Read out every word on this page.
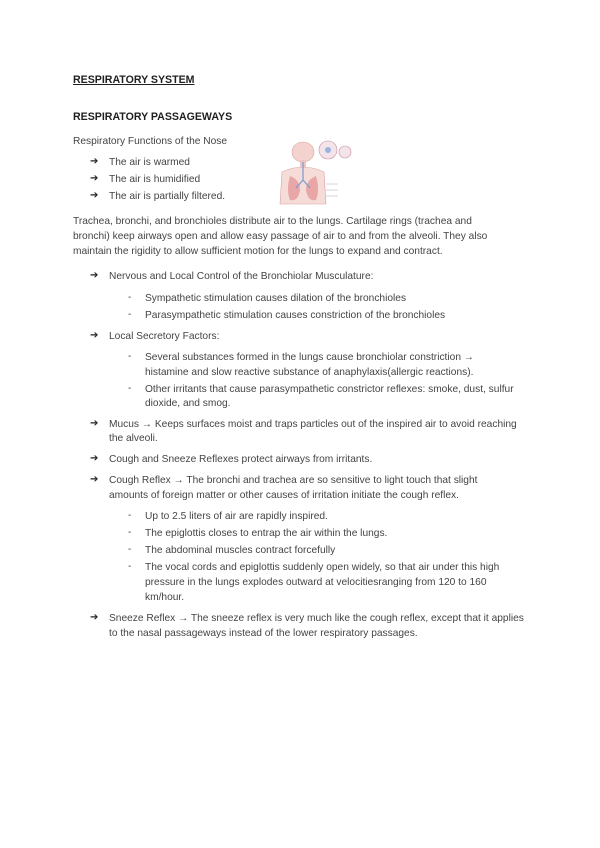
RESPIRATORY SYSTEM
RESPIRATORY PASSAGEWAYS
Respiratory Functions of the Nose
➔ The air is warmed
➔ The air is humidified
➔ The air is partially filtered.
Trachea, bronchi, and bronchioles distribute air to the lungs. Cartilage rings (trachea and
bronchi) keep airways open and allow easy passage of air to and from the alveoli. They also
maintain the rigidity to allow sufficient motion for the lungs to expand and contract.
➔ Nervous and Local Control of the Bronchiolar Musculature:
- Sympathetic stimulation causes dilation of the bronchioles
- Parasympathetic stimulation causes constriction of the bronchioles
➔ Local Secretory Factors:
- Several substances formed in the lungs cause bronchiolar constriction →
histamine and slow reactive substance of anaphylaxis(allergic reactions).
- Other irritants that cause parasympathetic constrictor reflexes: smoke, dust, sulfur
dioxide, and smog.
➔ Mucus → Keeps surfaces moist and traps particles out of the inspired air to avoid reaching
the alveoli.
➔ Cough and Sneeze Reflexes protect airways from irritants.
➔ Cough Reflex → The bronchi and trachea are so sensitive to light touch that slight
amounts of foreign matter or other causes of irritation initiate the cough reflex.
- Up to 2.5 liters of air are rapidly inspired.
- The epiglottis closes to entrap the air within the lungs.
- The abdominal muscles contract forcefully
- The vocal cords and epiglottis suddenly open widely, so that air under this high
pressure in the lungs explodes outward at velocitiesranging from 120 to 160
km/hour.
➔ Sneeze Reflex → The sneeze reflex is very much like the cough reflex, except that it applies
to the nasal passageways instead of the lower respiratory passages.
